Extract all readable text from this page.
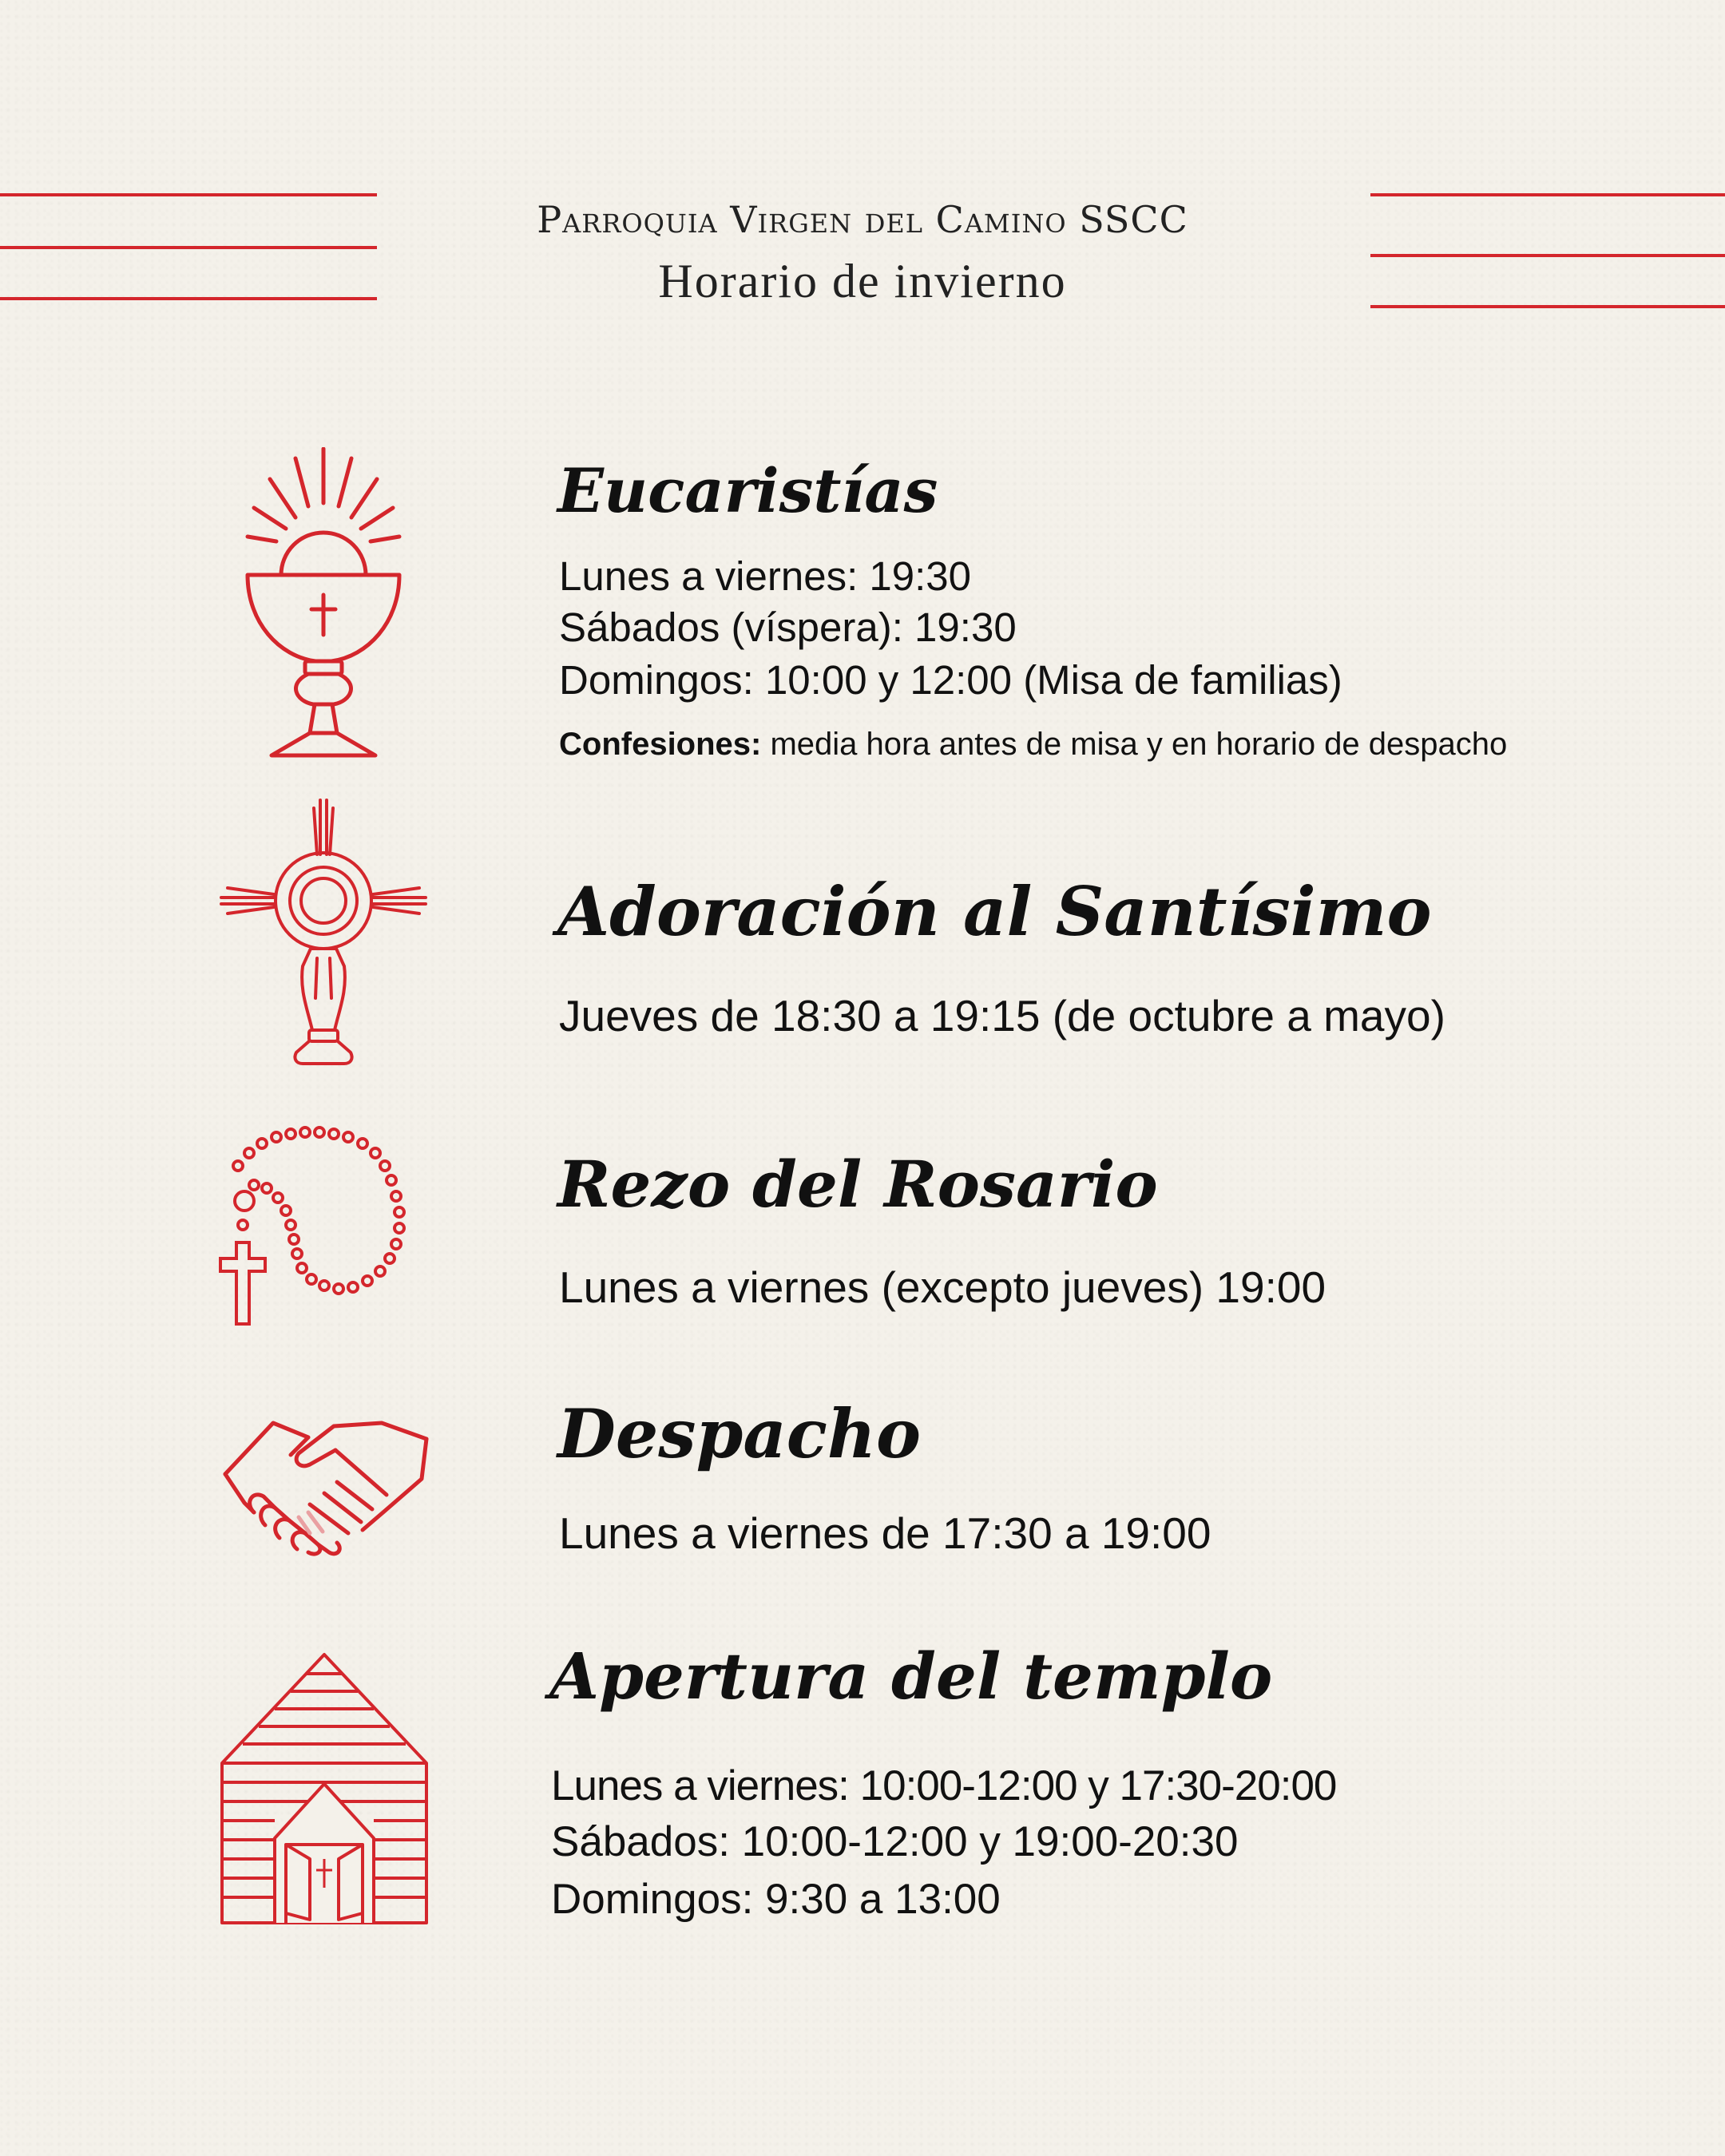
Parroquia Virgen del Camino SSCC
Horario de invierno
Eucaristías
Lunes a viernes: 19:30
Sábados (víspera): 19:30
Domingos: 10:00 y 12:00 (Misa de familias)
Confesiones: media hora antes de misa y en horario de despacho
Adoración al Santísimo
Jueves de 18:30 a 19:15 (de octubre a mayo)
Rezo del Rosario
Lunes a viernes (excepto jueves) 19:00
Despacho
Lunes a viernes de 17:30 a 19:00
Apertura del templo
Lunes a viernes: 10:00-12:00 y 17:30-20:00
Sábados: 10:00-12:00 y 19:00-20:30
Domingos: 9:30 a 13:00
